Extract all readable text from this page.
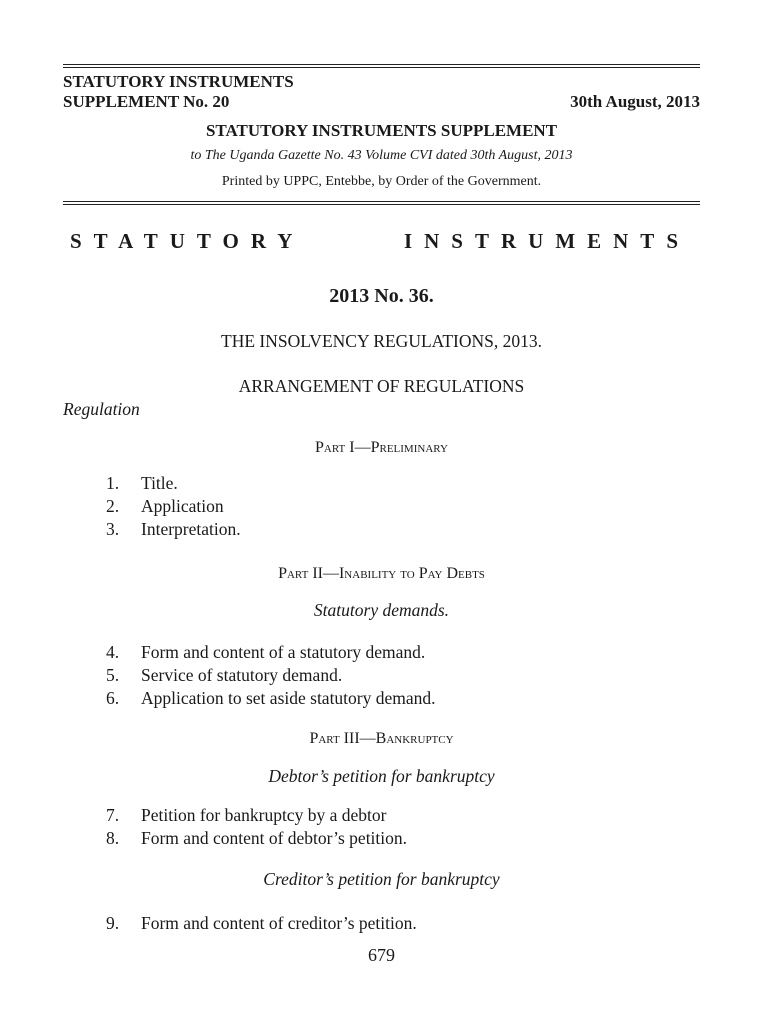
STATUTORY INSTRUMENTS
SUPPLEMENT No. 20	30th August, 2013
STATUTORY INSTRUMENTS SUPPLEMENT
to The Uganda Gazette No. 43 Volume CVI dated 30th August, 2013
Printed by UPPC, Entebbe, by Order of the Government.
STATUTORY INSTRUMENTS
2013 No. 36.
THE INSOLVENCY REGULATIONS, 2013.
ARRANGEMENT OF REGULATIONS
Regulation
Part I—Preliminary
1. Title.
2. Application
3. Interpretation.
Part II—Inability to Pay Debts
Statutory demands.
4. Form and content of a statutory demand.
5. Service of statutory demand.
6. Application to set aside statutory demand.
Part III—Bankruptcy
Debtor’s petition for bankruptcy
7. Petition for bankruptcy by a debtor
8. Form and content of debtor’s petition.
Creditor’s petition for bankruptcy
9. Form and content of creditor’s petition.
679
